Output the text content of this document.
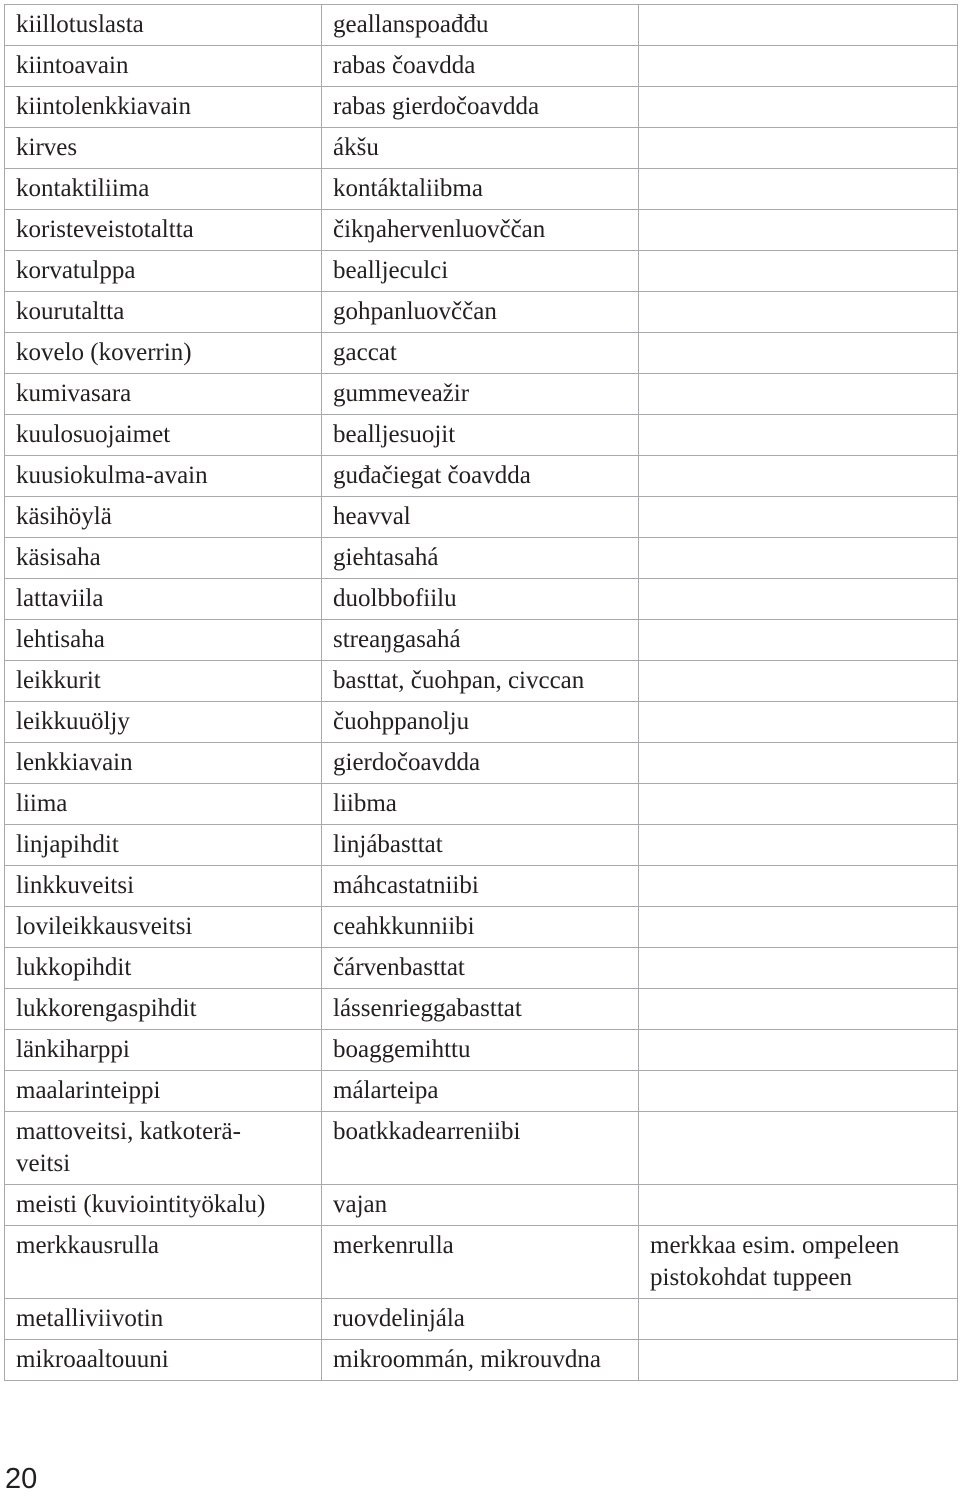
kiillotuslasta	geallanspoađđu	
kiintoavain	rabas čoavdda	
kiintolenkkiavain	rabas gierdočoavdda	
kirves	ákšu	
kontaktiliima	kontáktaliibma	
koristeveistotaltta	čikŋahervenluovččan	
korvatulppa	bealljeculci	
kourutaltta	gohpanluovččan	
kovelo (koverrin)	gaccat	
kumivasara	gummeveažir	
kuulosuojaimet	bealljesuojit	
kuusiokulma-avain	guđačiegat čoavdda	
käsihöylä	heavval	
käsisaha	giehtasahá	
lattaviila	duolbbofiilu	
lehtisaha	streaŋgasahá	
leikkurit	basttat, čuohpan, civccan	
leikkuuöljy	čuohppanolju	
lenkkiavain	gierdočoavdda	
liima	liibma	
linjapihdit	linjábasttat	
linkkuveitsi	máhcastatniibi	
lovileikkausveitsi	ceahkkunniibi	
lukkopihdit	čárvenbasttat	
lukkorengaspihdit	lássenrieggabasttat	
länkiharppi	boaggemihttu	
maalarinteippi	málarteipa	
mattoveitsi, katkoterä-
veitsi	boatkkadearreniibi	
meisti (kuviointityökalu)	vajan	
merkkausrulla	merkenrulla	merkkaa esim. ompeleen
pistokohdat tuppeen
metalliviivotin	ruovdelinjála	
mikroaaltouuni	mikroommán, mikrouvdna	
20
